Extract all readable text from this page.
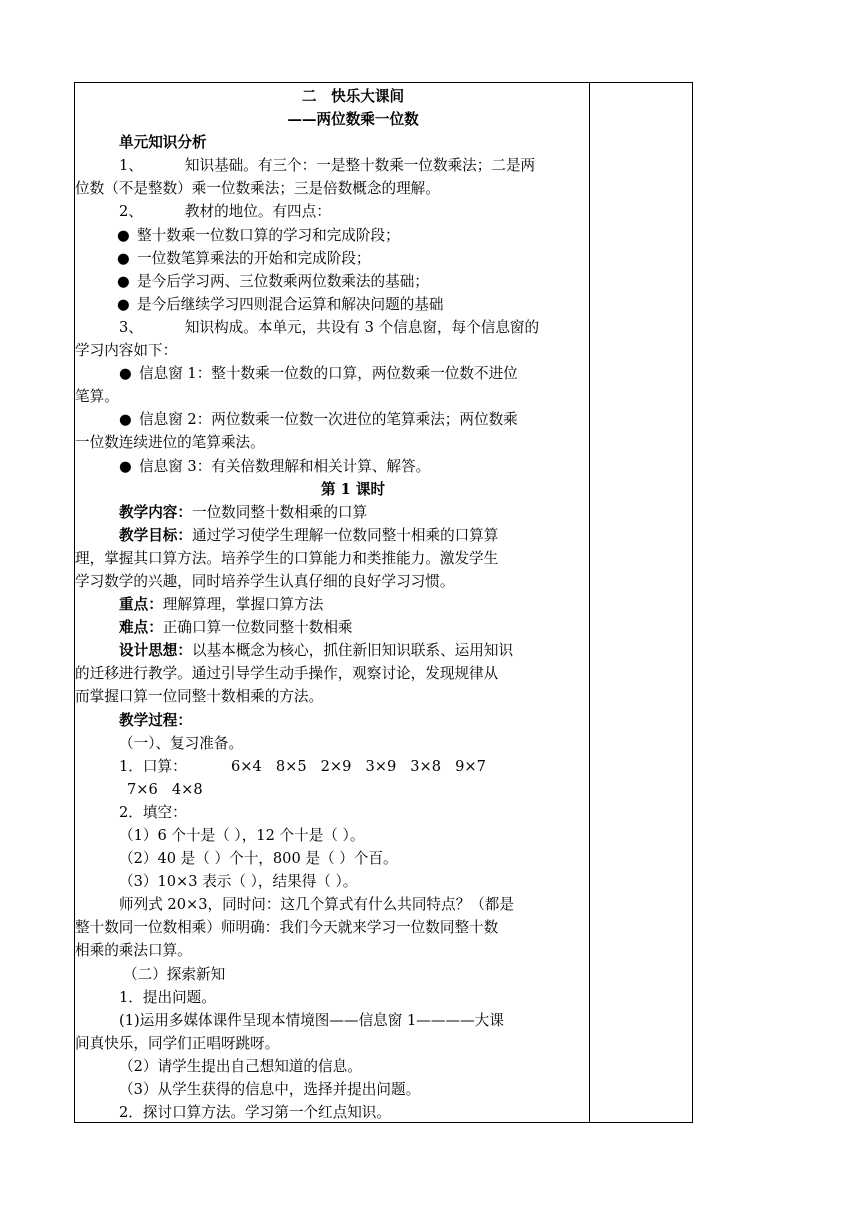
二　快乐大课间
——两位数乘一位数
单元知识分析
1、	知识基础。有三个：一是整十数乘一位数乘法；二是两
位数（不是整数）乘一位数乘法；三是倍数概念的理解。
2、	教材的地位。有四点：
● 整十数乘一位数口算的学习和完成阶段；
● 一位数笔算乘法的开始和完成阶段；
● 是今后学习两、三位数乘两位数乘法的基础；
● 是今后继续学习四则混合运算和解决问题的基础
3、	知识构成。本单元，共设有 3 个信息窗，每个信息窗的
学习内容如下：
● 信息窗 1：整十数乘一位数的口算，两位数乘一位数不进位
笔算。
● 信息窗 2：两位数乘一位数一次进位的笔算乘法；两位数乘
一位数连续进位的笔算乘法。
● 信息窗 3：有关倍数理解和相关计算、解答。
第 1 课时
教学内容：一位数同整十数相乘的口算
教学目标：通过学习使学生理解一位数同整十相乘的口算算
理，掌握其口算方法。培养学生的口算能力和类推能力。激发学生
学习数学的兴趣，同时培养学生认真仔细的良好学习习惯。
重点：理解算理，掌握口算方法
难点：正确口算一位数同整十数相乘
设计思想：以基本概念为核心，抓住新旧知识联系、运用知识
的迁移进行教学。通过引导学生动手操作，观察讨论，发现规律从
而掌握口算一位同整十数相乘的方法。
教学过程：
（一）、复习准备。
1．口算：	6×4 8×5 2×9 3×9 3×8 9×7
7×6 4×8
2．填空：
（1）6 个十是（ ），12 个十是（ ）。
（2）40 是（ ）个十，800 是（ ）个百。
（3）10×3 表示（ ），结果得（ ）。
师列式 20×3，同时问：这几个算式有什么共同特点？（都是
整十数同一位数相乘）师明确：我们今天就来学习一位数同整十数
相乘的乘法口算。
（二）探索新知
1．提出问题。
(1)运用多媒体课件呈现本情境图——信息窗 1————大课
间真快乐，同学们正唱呀跳呀。
（2）请学生提出自己想知道的信息。
（3）从学生获得的信息中，选择并提出问题。
2．探讨口算方法。学习第一个红点知识。
